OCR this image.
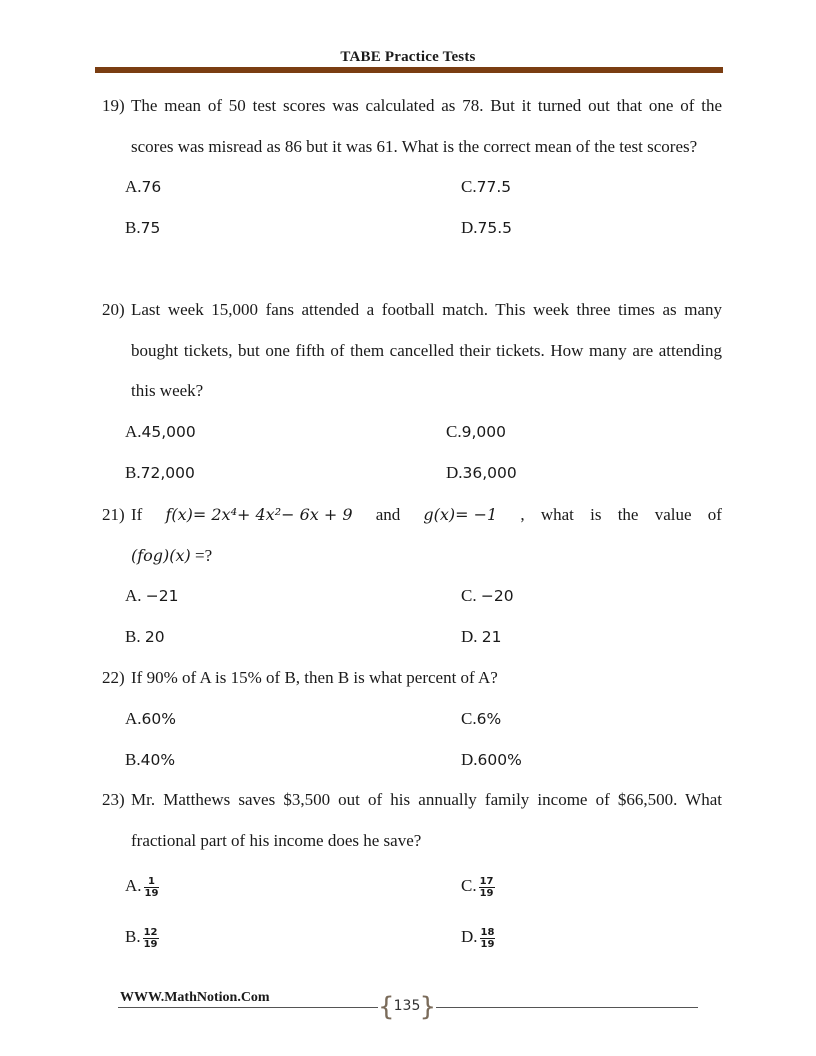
TABE Practice Tests
19) The mean of 50 test scores was calculated as 78. But it turned out that one of the scores was misread as 86 but it was 61. What is the correct mean of the test scores?
A.76	C.77.5
B.75	D.75.5
20) Last week 15,000 fans attended a football match. This week three times as many bought tickets, but one fifth of them cancelled their tickets. How many are attending this week?
A.45,000	C.9,000
B.72,000	D.36,000
21) If f(x)= 2x⁴+ 4x²− 6x + 9 and g(x)= −1 , what is the value of
(fog)(x) =?
A. −21	C. −20
B. 20	D. 21
22) If 90% of A is 15% of B, then B is what percent of A?
A.60%	C.6%
B.40%	D.600%
23) Mr. Matthews saves $3,500 out of his annually family income of $66,500. What fractional part of his income does he save?
A. $\frac{1}{19}$	C. $\frac{17}{19}$
B. $\frac{12}{19}$	D. $\frac{18}{19}$
WWW.MathNotion.Com	{ 135 }
